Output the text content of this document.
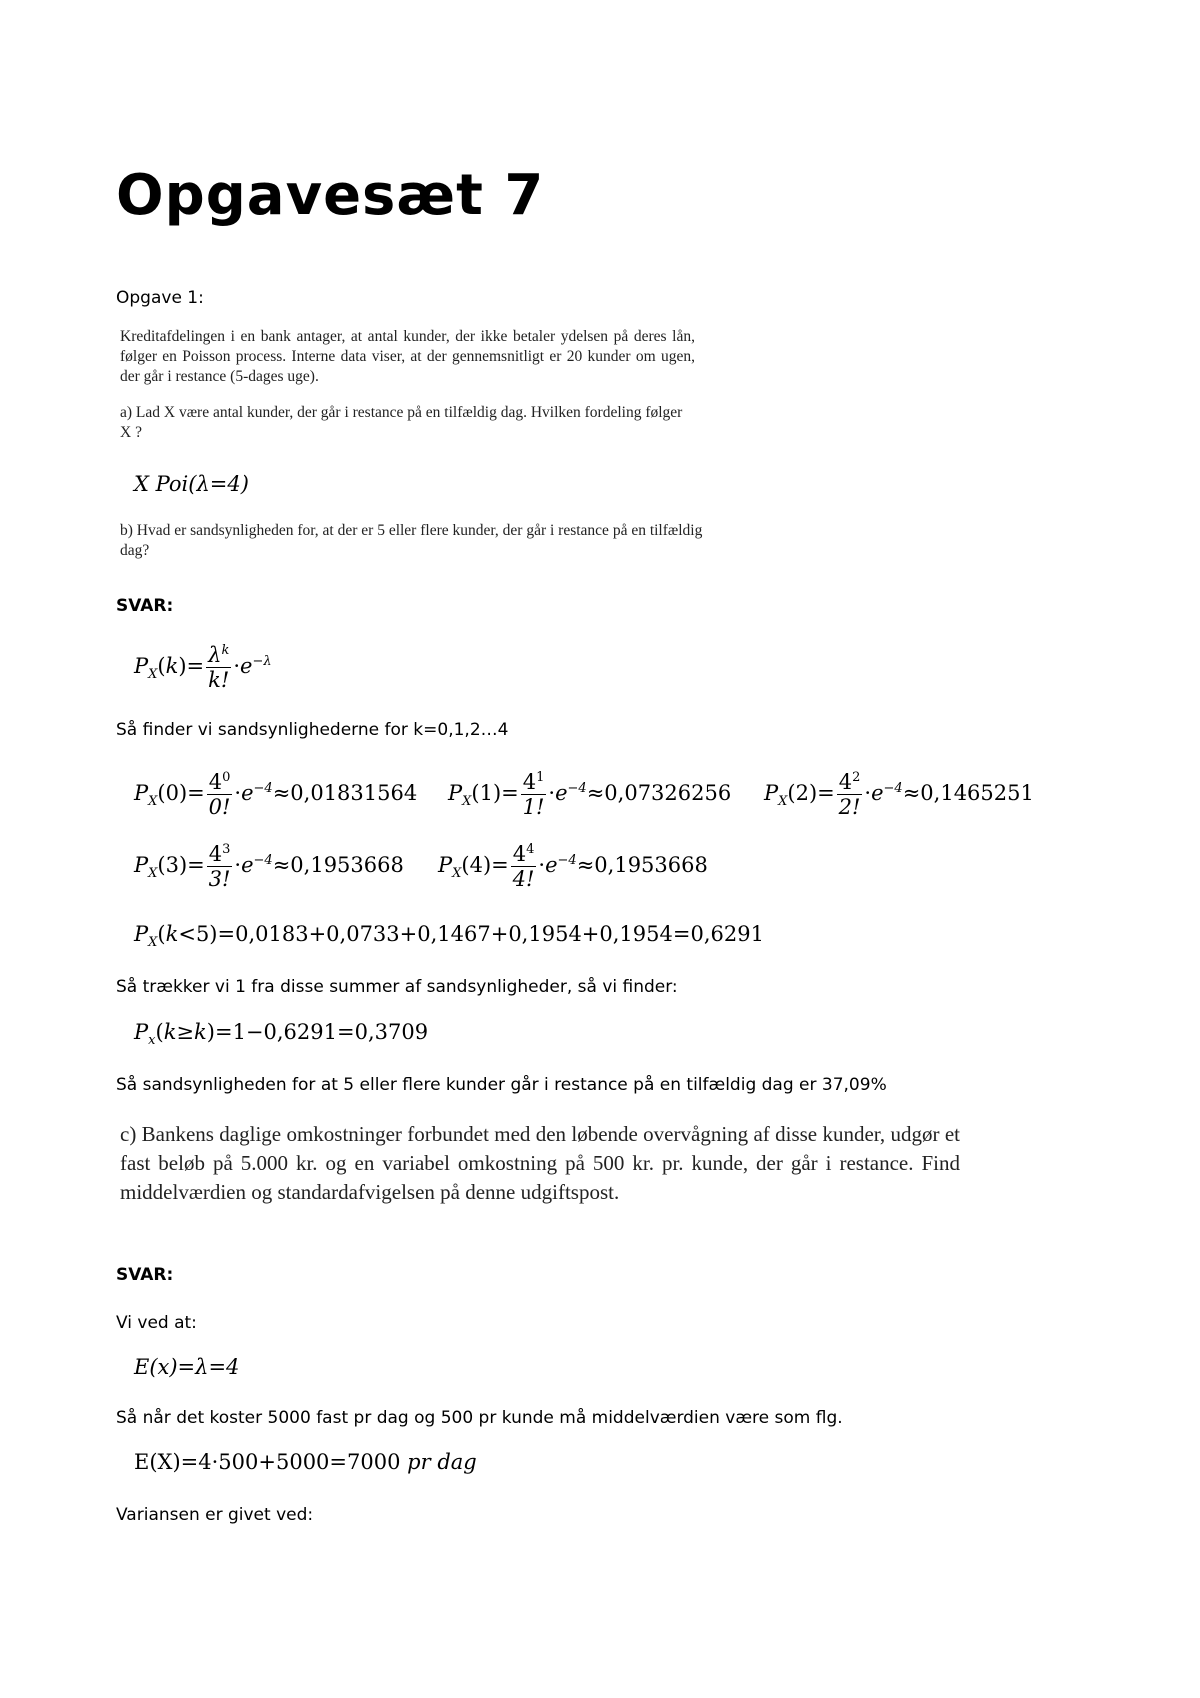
Opgavesæt 7
Opgave 1:
Kreditafdelingen i en bank antager, at antal kunder, der ikke betaler ydelsen på deres lån, følger en Poisson process. Interne data viser, at der gennemsnitligt er 20 kunder om ugen, der går i restance (5-dages uge).
a) Lad X være antal kunder, der går i restance på en tilfældig dag. Hvilken fordeling følger X ?
X Poi(λ=4)
b) Hvad er sandsynligheden for, at der er 5 eller flere kunder, der går i restance på en tilfældig dag?
SVAR:
$P_X(k)= \frac{\lambda^k}{k!} \cdot e^{-\lambda}$
Så finder vi sandsynlighederne for k=0,1,2…4
$P_X(0)= \frac{4^0}{0!} \cdot e^{-4}\approx 0,01831564$ $P_X(1)= \frac{4^1}{1!} \cdot e^{-4}\approx 0,07326256$ $P_X(2)= \frac{4^2}{2!} \cdot e^{-4}\approx 0,1465251$
$P_X(3)= \frac{4^3}{3!} \cdot e^{-4}\approx 0,1953668$ $P_X(4)= \frac{4^4}{4!} \cdot e^{-4}\approx 0,1953668$
$P_X(k<5)=0,0183+0,0733+0,1467+0,1954+0,1954=0,6291$
Så trækker vi 1 fra disse summer af sandsynligheder, så vi finder:
$P_x(k\ge k)=1-0,6291=0,3709$
Så sandsynligheden for at 5 eller flere kunder går i restance på en tilfældig dag er 37,09%
c) Bankens daglige omkostninger forbundet med den løbende overvågning af disse kunder, udgør et fast beløb på 5.000 kr. og en variabel omkostning på 500 kr. pr. kunde, der går i restance. Find middelværdien og standardafvigelsen på denne udgiftspost.
SVAR:
Vi ved at:
E(x)=λ=4
Så når det koster 5000 fast pr dag og 500 pr kunde må middelværdien være som flg.
E(X)=4·500+5000=7000 pr dag
Variansen er givet ved:
